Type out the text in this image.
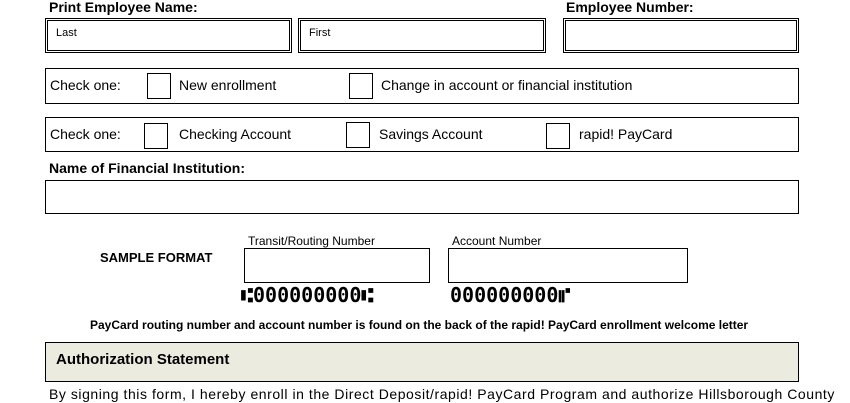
Print Employee Name:	Employee Number:
Last	First
Check one:	New enrollment	Change in account or financial institution
Check one:	Checking Account	Savings Account	rapid! PayCard
Name of Financial Institution:
SAMPLE FORMAT
Transit/Routing Number	Account Number
⑆000000000⑆	000000000⑈
PayCard routing number and account number is found on the back of the rapid! PayCard enrollment welcome letter
Authorization Statement
By signing this form, I hereby enroll in the Direct Deposit/rapid! PayCard Program and authorize Hillsborough County
